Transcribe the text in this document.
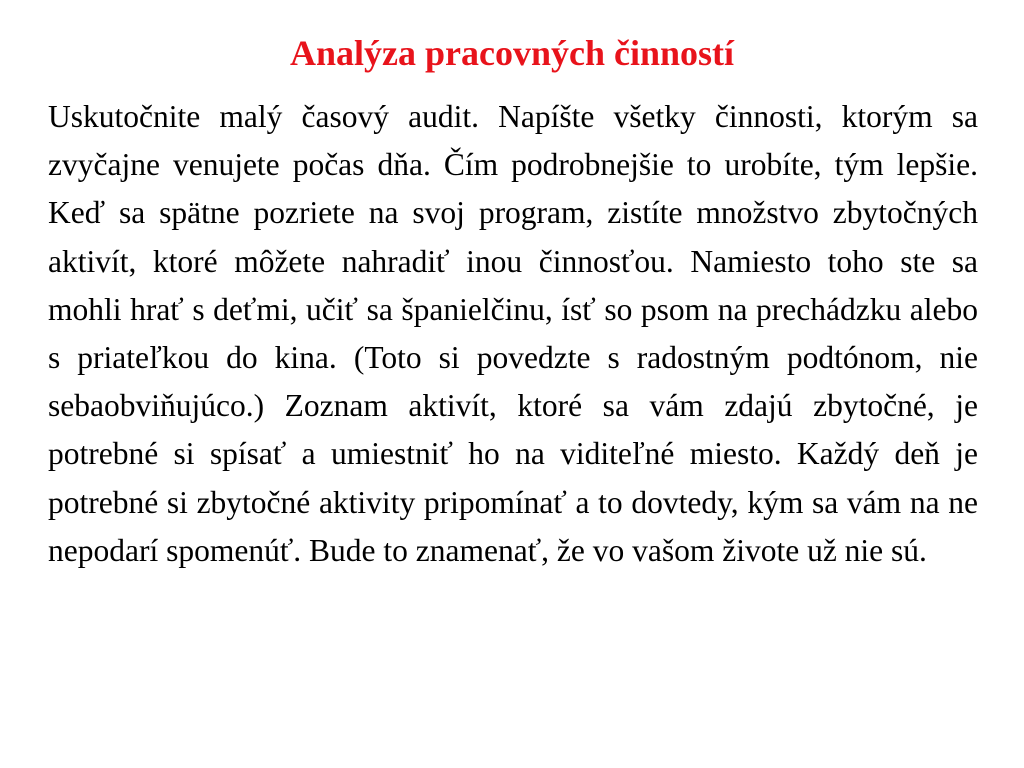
Analýza pracovných činností

Uskutočnite malý časový audit. Napíšte všetky činnosti, ktorým sa zvyčajne venujete počas dňa. Čím podrobnejšie to urobíte, tým lepšie. Keď sa spätne pozriete na svoj program, zistíte množstvo zbytočných aktivít, ktoré môžete nahradiť inou činnosťou. Namiesto toho ste sa mohli hrať s deťmi, učiť sa španielčinu, ísť so psom na prechádzku alebo s priateľkou do kina. (Toto si povedzte s radostným podtónom, nie sebaobviňujúco.) Zoznam aktivít, ktoré sa vám zdajú zbytočné, je potrebné si spísať a umiestniť ho na viditeľné miesto. Každý deň je potrebné si zbytočné aktivity pripomínať a to dovtedy, kým sa vám na ne nepodarí spomenúť. Bude to znamenať, že vo vašom živote už nie sú.
